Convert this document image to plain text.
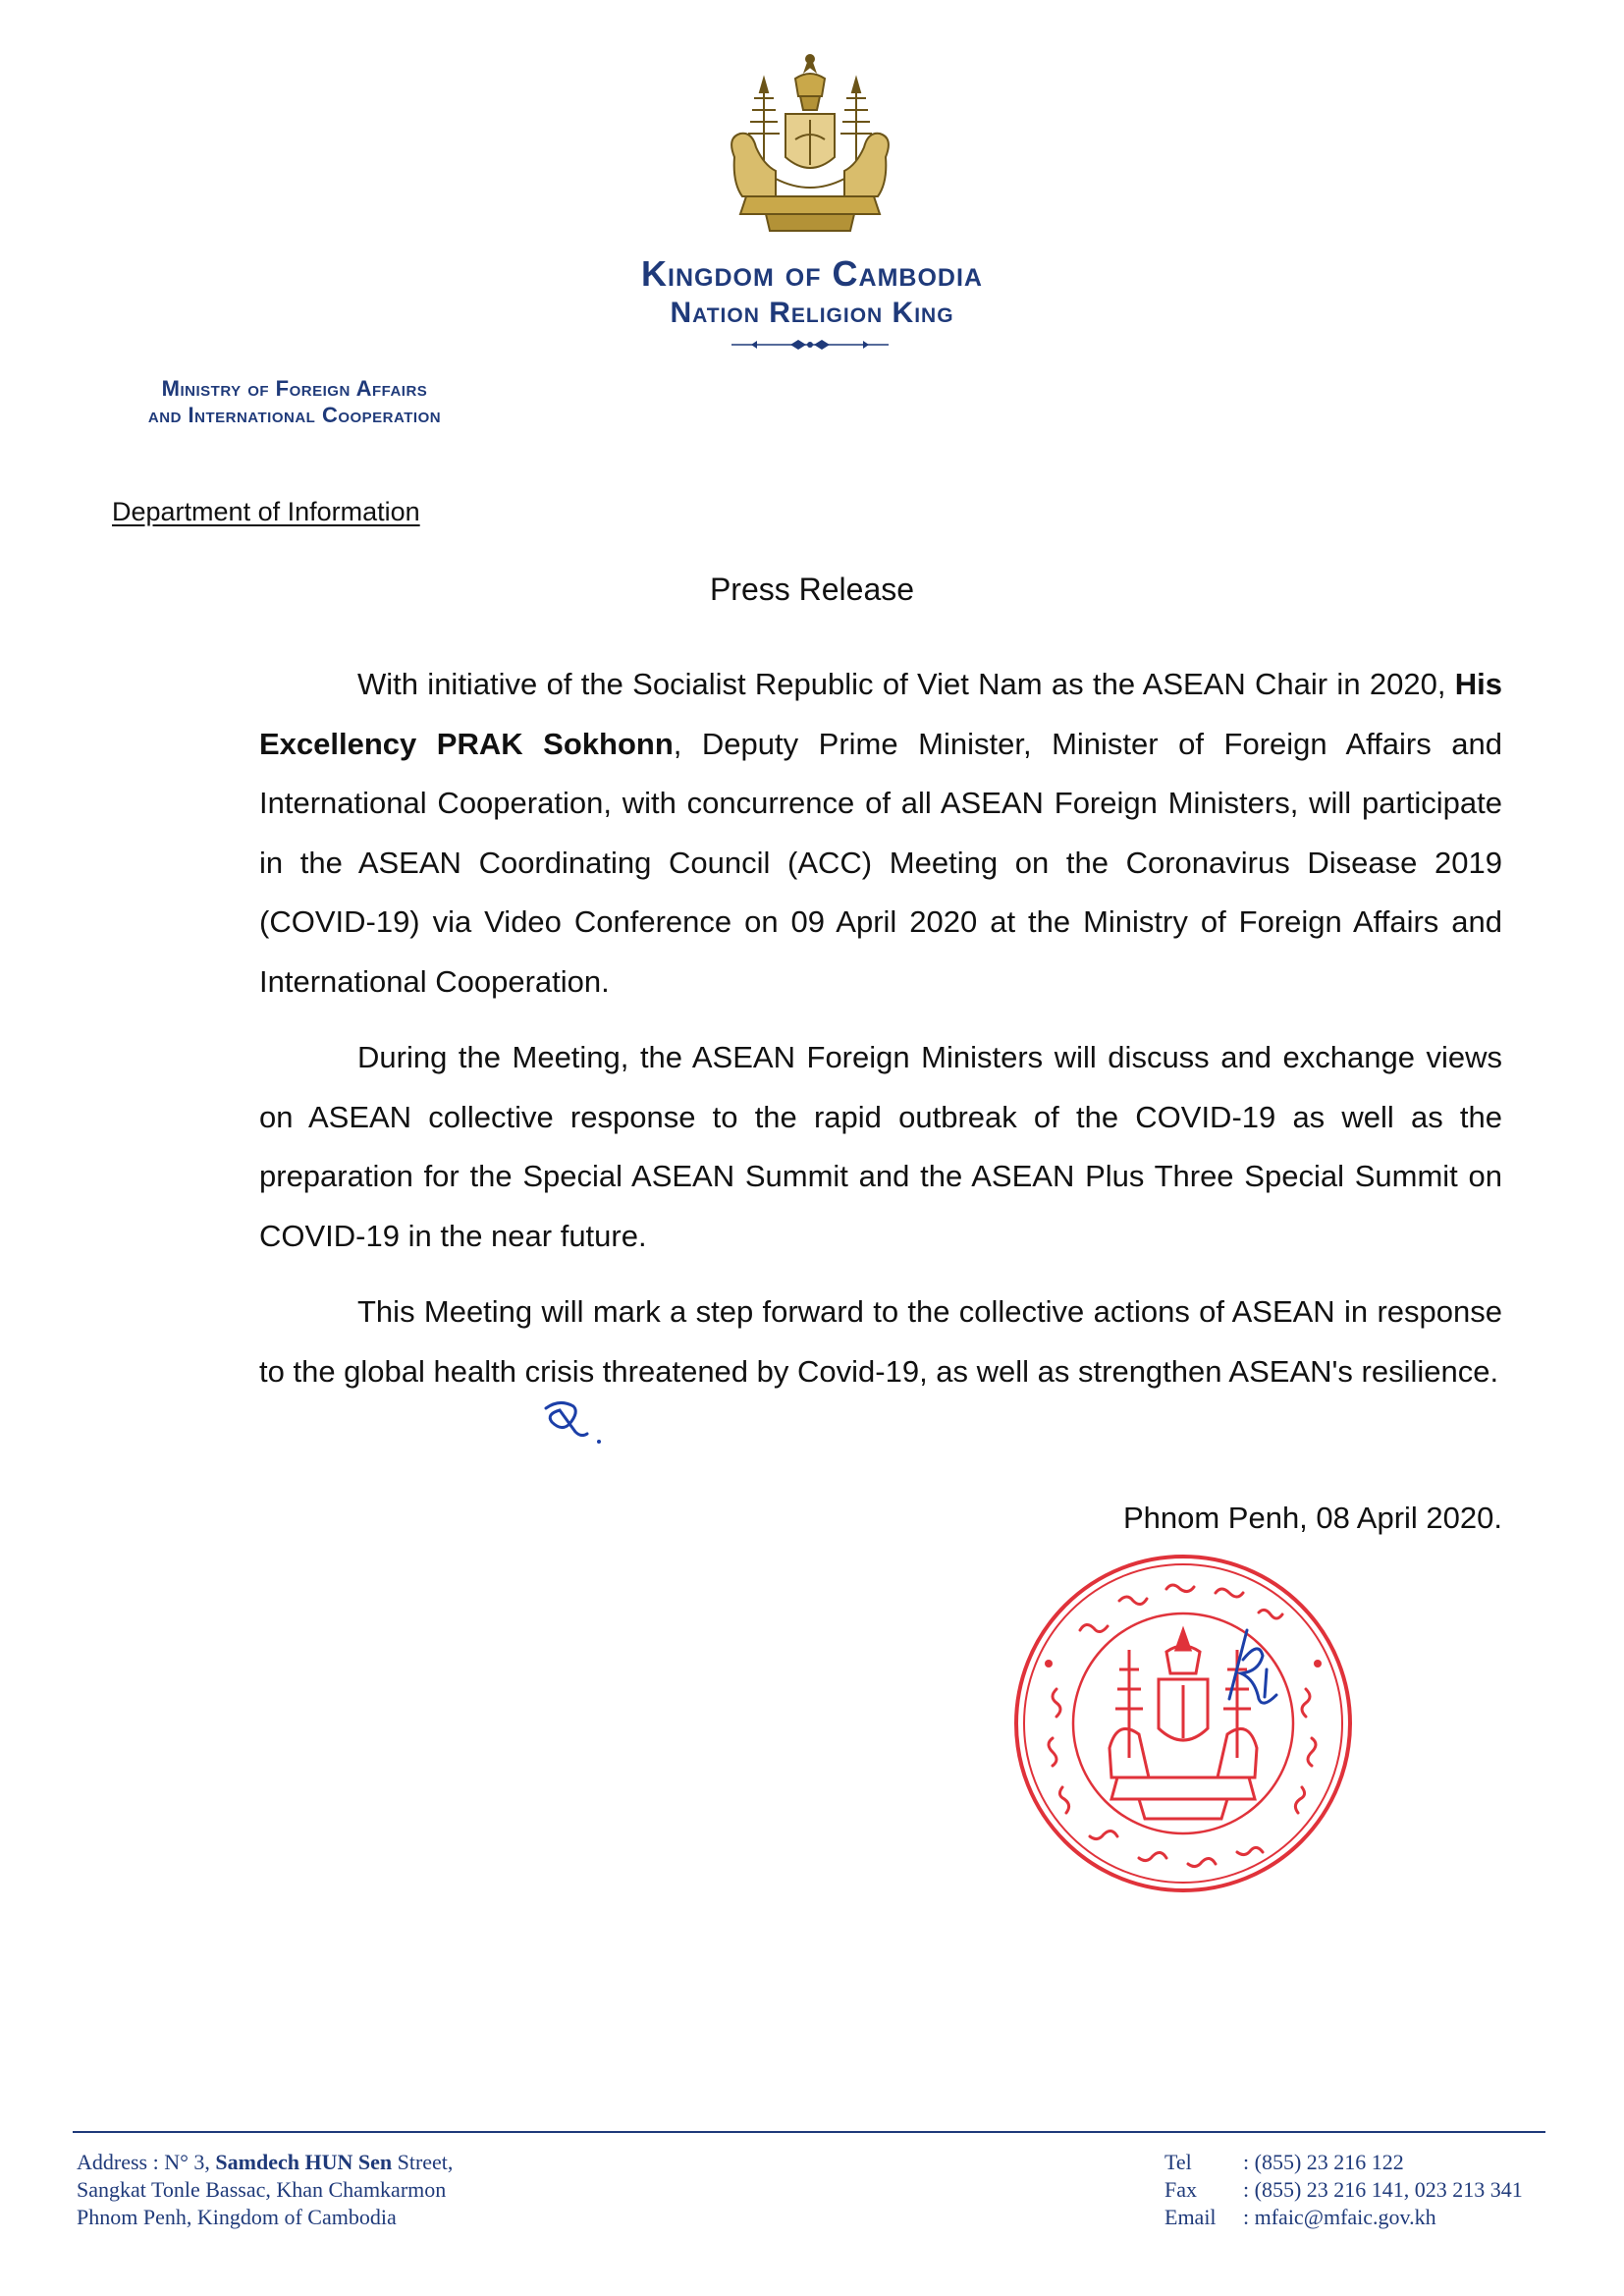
Kingdom of Cambodia
Nation Religion King
Ministry of Foreign Affairs
and International Cooperation
Department of Information
Press Release

With initiative of the Socialist Republic of Viet Nam as the ASEAN Chair in 2020, His Excellency PRAK Sokhonn, Deputy Prime Minister, Minister of Foreign Affairs and International Cooperation, with concurrence of all ASEAN Foreign Ministers, will participate in the ASEAN Coordinating Council (ACC) Meeting on the Coronavirus Disease 2019 (COVID-19) via Video Conference on 09 April 2020 at the Ministry of Foreign Affairs and International Cooperation.

During the Meeting, the ASEAN Foreign Ministers will discuss and exchange views on ASEAN collective response to the rapid outbreak of the COVID-19 as well as the preparation for the Special ASEAN Summit and the ASEAN Plus Three Special Summit on COVID-19 in the near future.

This Meeting will mark a step forward to the collective actions of ASEAN in response to the global health crisis threatened by Covid-19, as well as strengthen ASEAN's resilience.

Phnom Penh, 08 April 2020.
Address : N° 3, Samdech HUN Sen Street,
Sangkat Tonle Bassac, Khan Chamkarmon
Phnom Penh, Kingdom of Cambodia
Tel : (855) 23 216 122
Fax : (855) 23 216 141, 023 213 341
Email : mfaic@mfaic.gov.kh
